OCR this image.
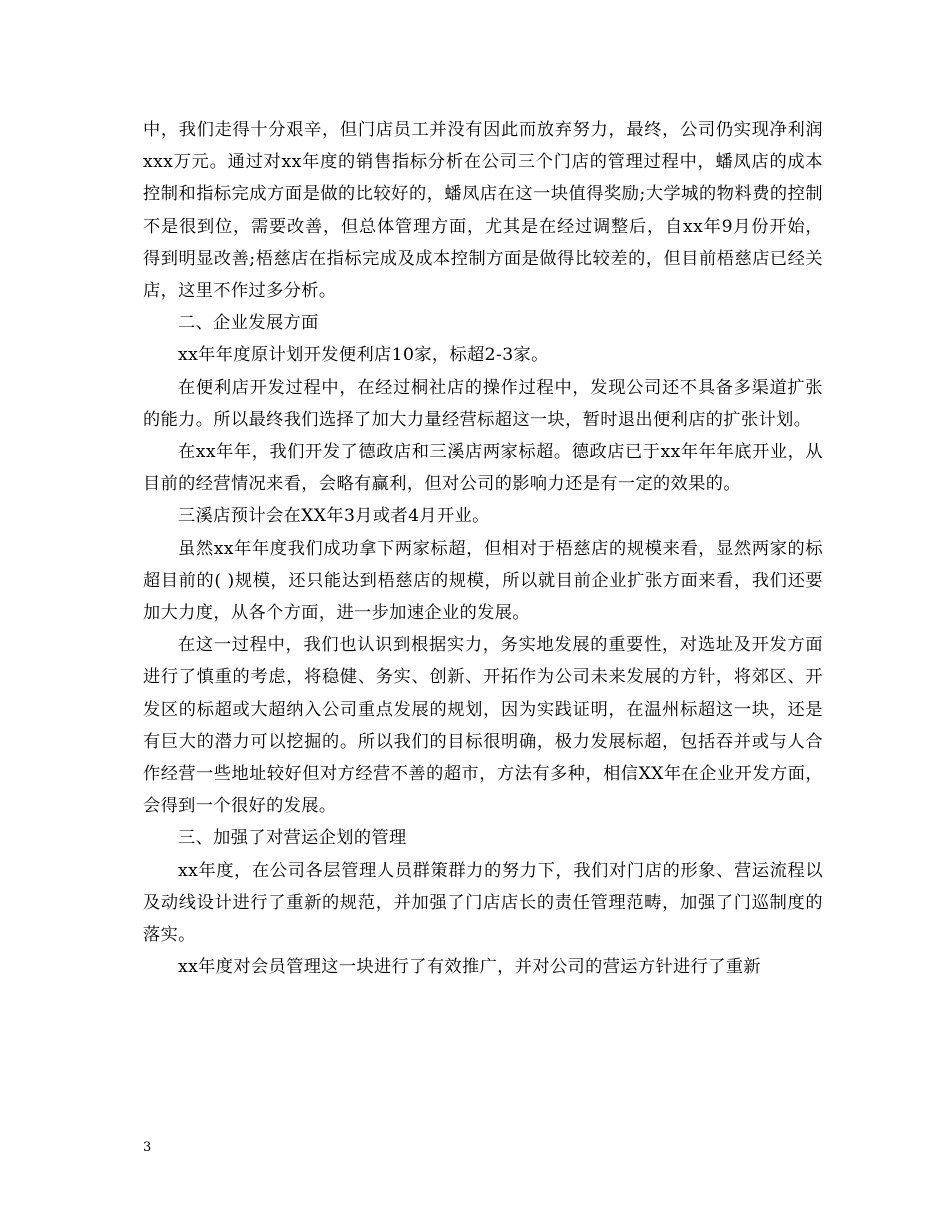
中，我们走得十分艰辛，但门店员工并没有因此而放弃努力，最终，公司仍实现净利润xxx万元。通过对xx年度的销售指标分析在公司三个门店的管理过程中，蟠凤店的成本控制和指标完成方面是做的比较好的，蟠凤店在这一块值得奖励;大学城的物料费的控制不是很到位，需要改善，但总体管理方面，尤其是在经过调整后，自xx年9月份开始，得到明显改善;梧慈店在指标完成及成本控制方面是做得比较差的，但目前梧慈店已经关店，这里不作过多分析。

二、企业发展方面

xx年年度原计划开发便利店10家，标超2-3家。

在便利店开发过程中，在经过桐社店的操作过程中，发现公司还不具备多渠道扩张的能力。所以最终我们选择了加大力量经营标超这一块，暂时退出便利店的扩张计划。

在xx年年，我们开发了德政店和三溪店两家标超。德政店已于xx年年年底开业，从目前的经营情况来看，会略有赢利，但对公司的影响力还是有一定的效果的。

三溪店预计会在XX年3月或者4月开业。

虽然xx年年度我们成功拿下两家标超，但相对于梧慈店的规模来看，显然两家的标超目前的( )规模，还只能达到梧慈店的规模，所以就目前企业扩张方面来看，我们还要加大力度，从各个方面，进一步加速企业的发展。

在这一过程中，我们也认识到根据实力，务实地发展的重要性，对选址及开发方面进行了慎重的考虑，将稳健、务实、创新、开拓作为公司未来发展的方针，将郊区、开发区的标超或大超纳入公司重点发展的规划，因为实践证明，在温州标超这一块，还是有巨大的潜力可以挖掘的。所以我们的目标很明确，极力发展标超，包括吞并或与人合作经营一些地址较好但对方经营不善的超市，方法有多种，相信XX年在企业开发方面，会得到一个很好的发展。

三、加强了对营运企划的管理

xx年度，在公司各层管理人员群策群力的努力下，我们对门店的形象、营运流程以及动线设计进行了重新的规范，并加强了门店店长的责任管理范畴，加强了门巡制度的落实。

xx年度对会员管理这一块进行了有效推广，并对公司的营运方针进行了重新

3
